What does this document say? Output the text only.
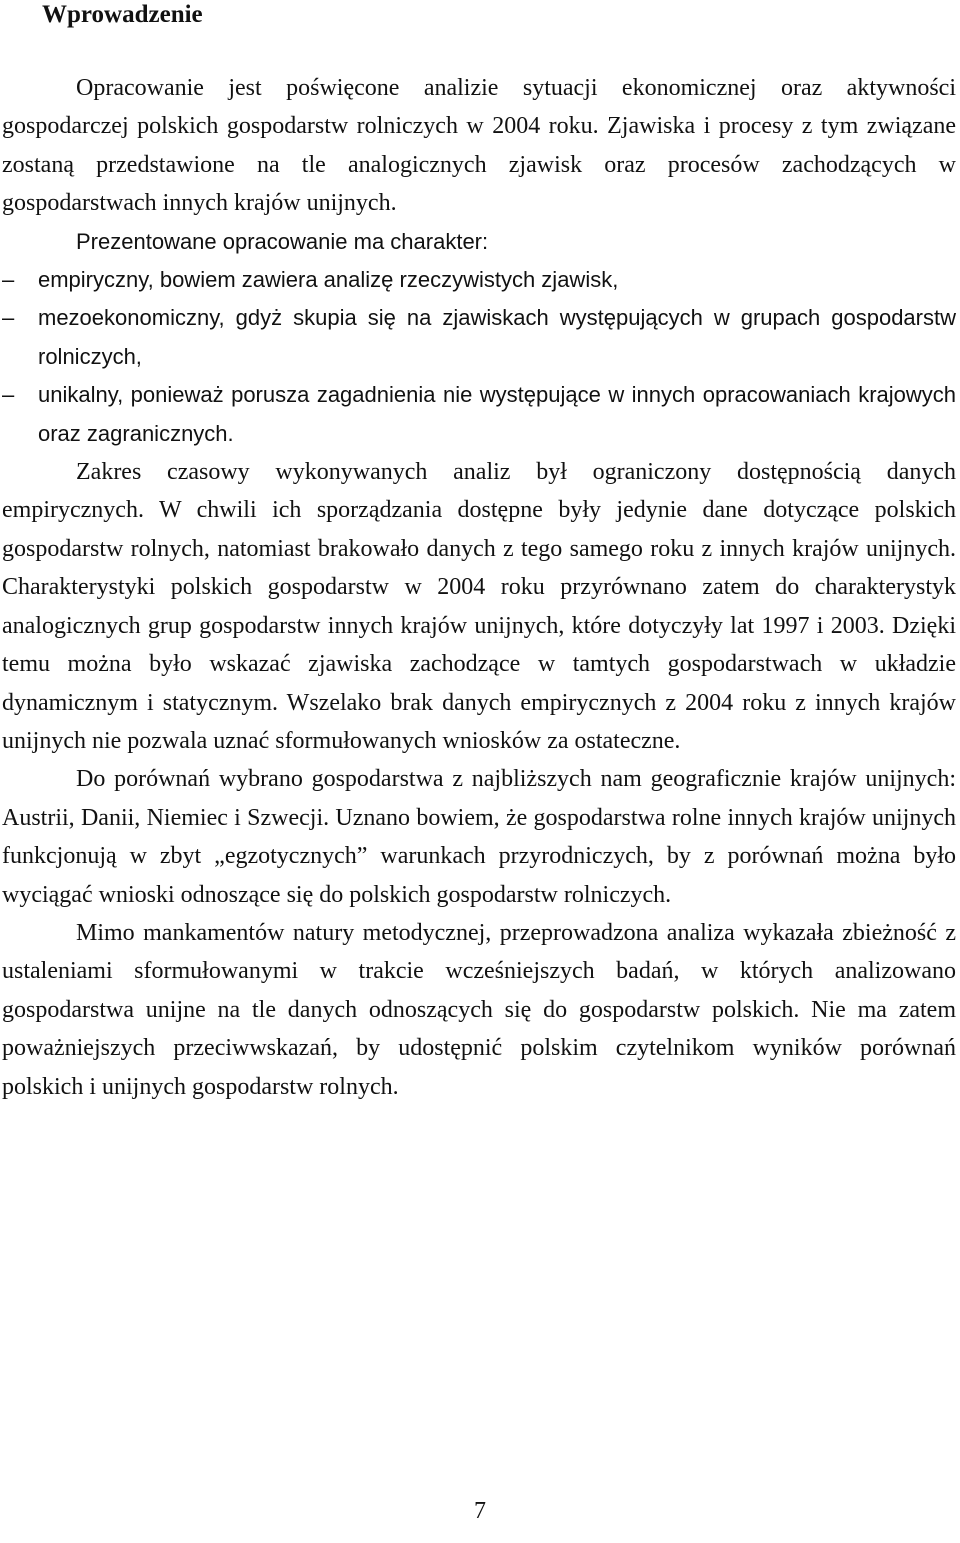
Wprowadzenie

Opracowanie jest poświęcone analizie sytuacji ekonomicznej oraz aktywności gospodarczej polskich gospodarstw rolniczych w 2004 roku. Zjawiska i procesy z tym związane zostaną przedstawione na tle analogicznych zjawisk oraz procesów zachodzących w gospodarstwach innych krajów unijnych.

Prezentowane opracowanie ma charakter:
–	empiryczny, bowiem zawiera analizę rzeczywistych zjawisk,
–	mezoekonomiczny, gdyż skupia się na zjawiskach występujących w grupach gospodarstw rolniczych,
–	unikalny, ponieważ porusza zagadnienia nie występujące w innych opracowaniach krajowych oraz zagranicznych.

Zakres czasowy wykonywanych analiz był ograniczony dostępnością danych empirycznych. W chwili ich sporządzania dostępne były jedynie dane dotyczące polskich gospodarstw rolnych, natomiast brakowało danych z tego samego roku z innych krajów unijnych. Charakterystyki polskich gospodarstw w 2004 roku przyrównano zatem do charakterystyk analogicznych grup gospodarstw innych krajów unijnych, które dotyczyły lat 1997 i 2003. Dzięki temu można było wskazać zjawiska zachodzące w tamtych gospodarstwach w układzie dynamicznym i statycznym. Wszelako brak danych empirycznych z 2004 roku z innych krajów unijnych nie pozwala uznać sformułowanych wniosków za ostateczne.

Do porównań wybrano gospodarstwa z najbliższych nam geograficznie krajów unijnych: Austrii, Danii, Niemiec i Szwecji. Uznano bowiem, że gospodarstwa rolne innych krajów unijnych funkcjonują w zbyt „egzotycznych” warunkach przyrodniczych, by z porównań można było wyciągać wnioski odnoszące się do polskich gospodarstw rolniczych.

Mimo mankamentów natury metodycznej, przeprowadzona analiza wykazała zbieżność z ustaleniami sformułowanymi w trakcie wcześniejszych badań, w których analizowano gospodarstwa unijne na tle danych odnoszących się do gospodarstw polskich. Nie ma zatem poważniejszych przeciwwskazań, by udostępnić polskim czytelnikom wyników porównań polskich i unijnych gospodarstw rolnych.

7
